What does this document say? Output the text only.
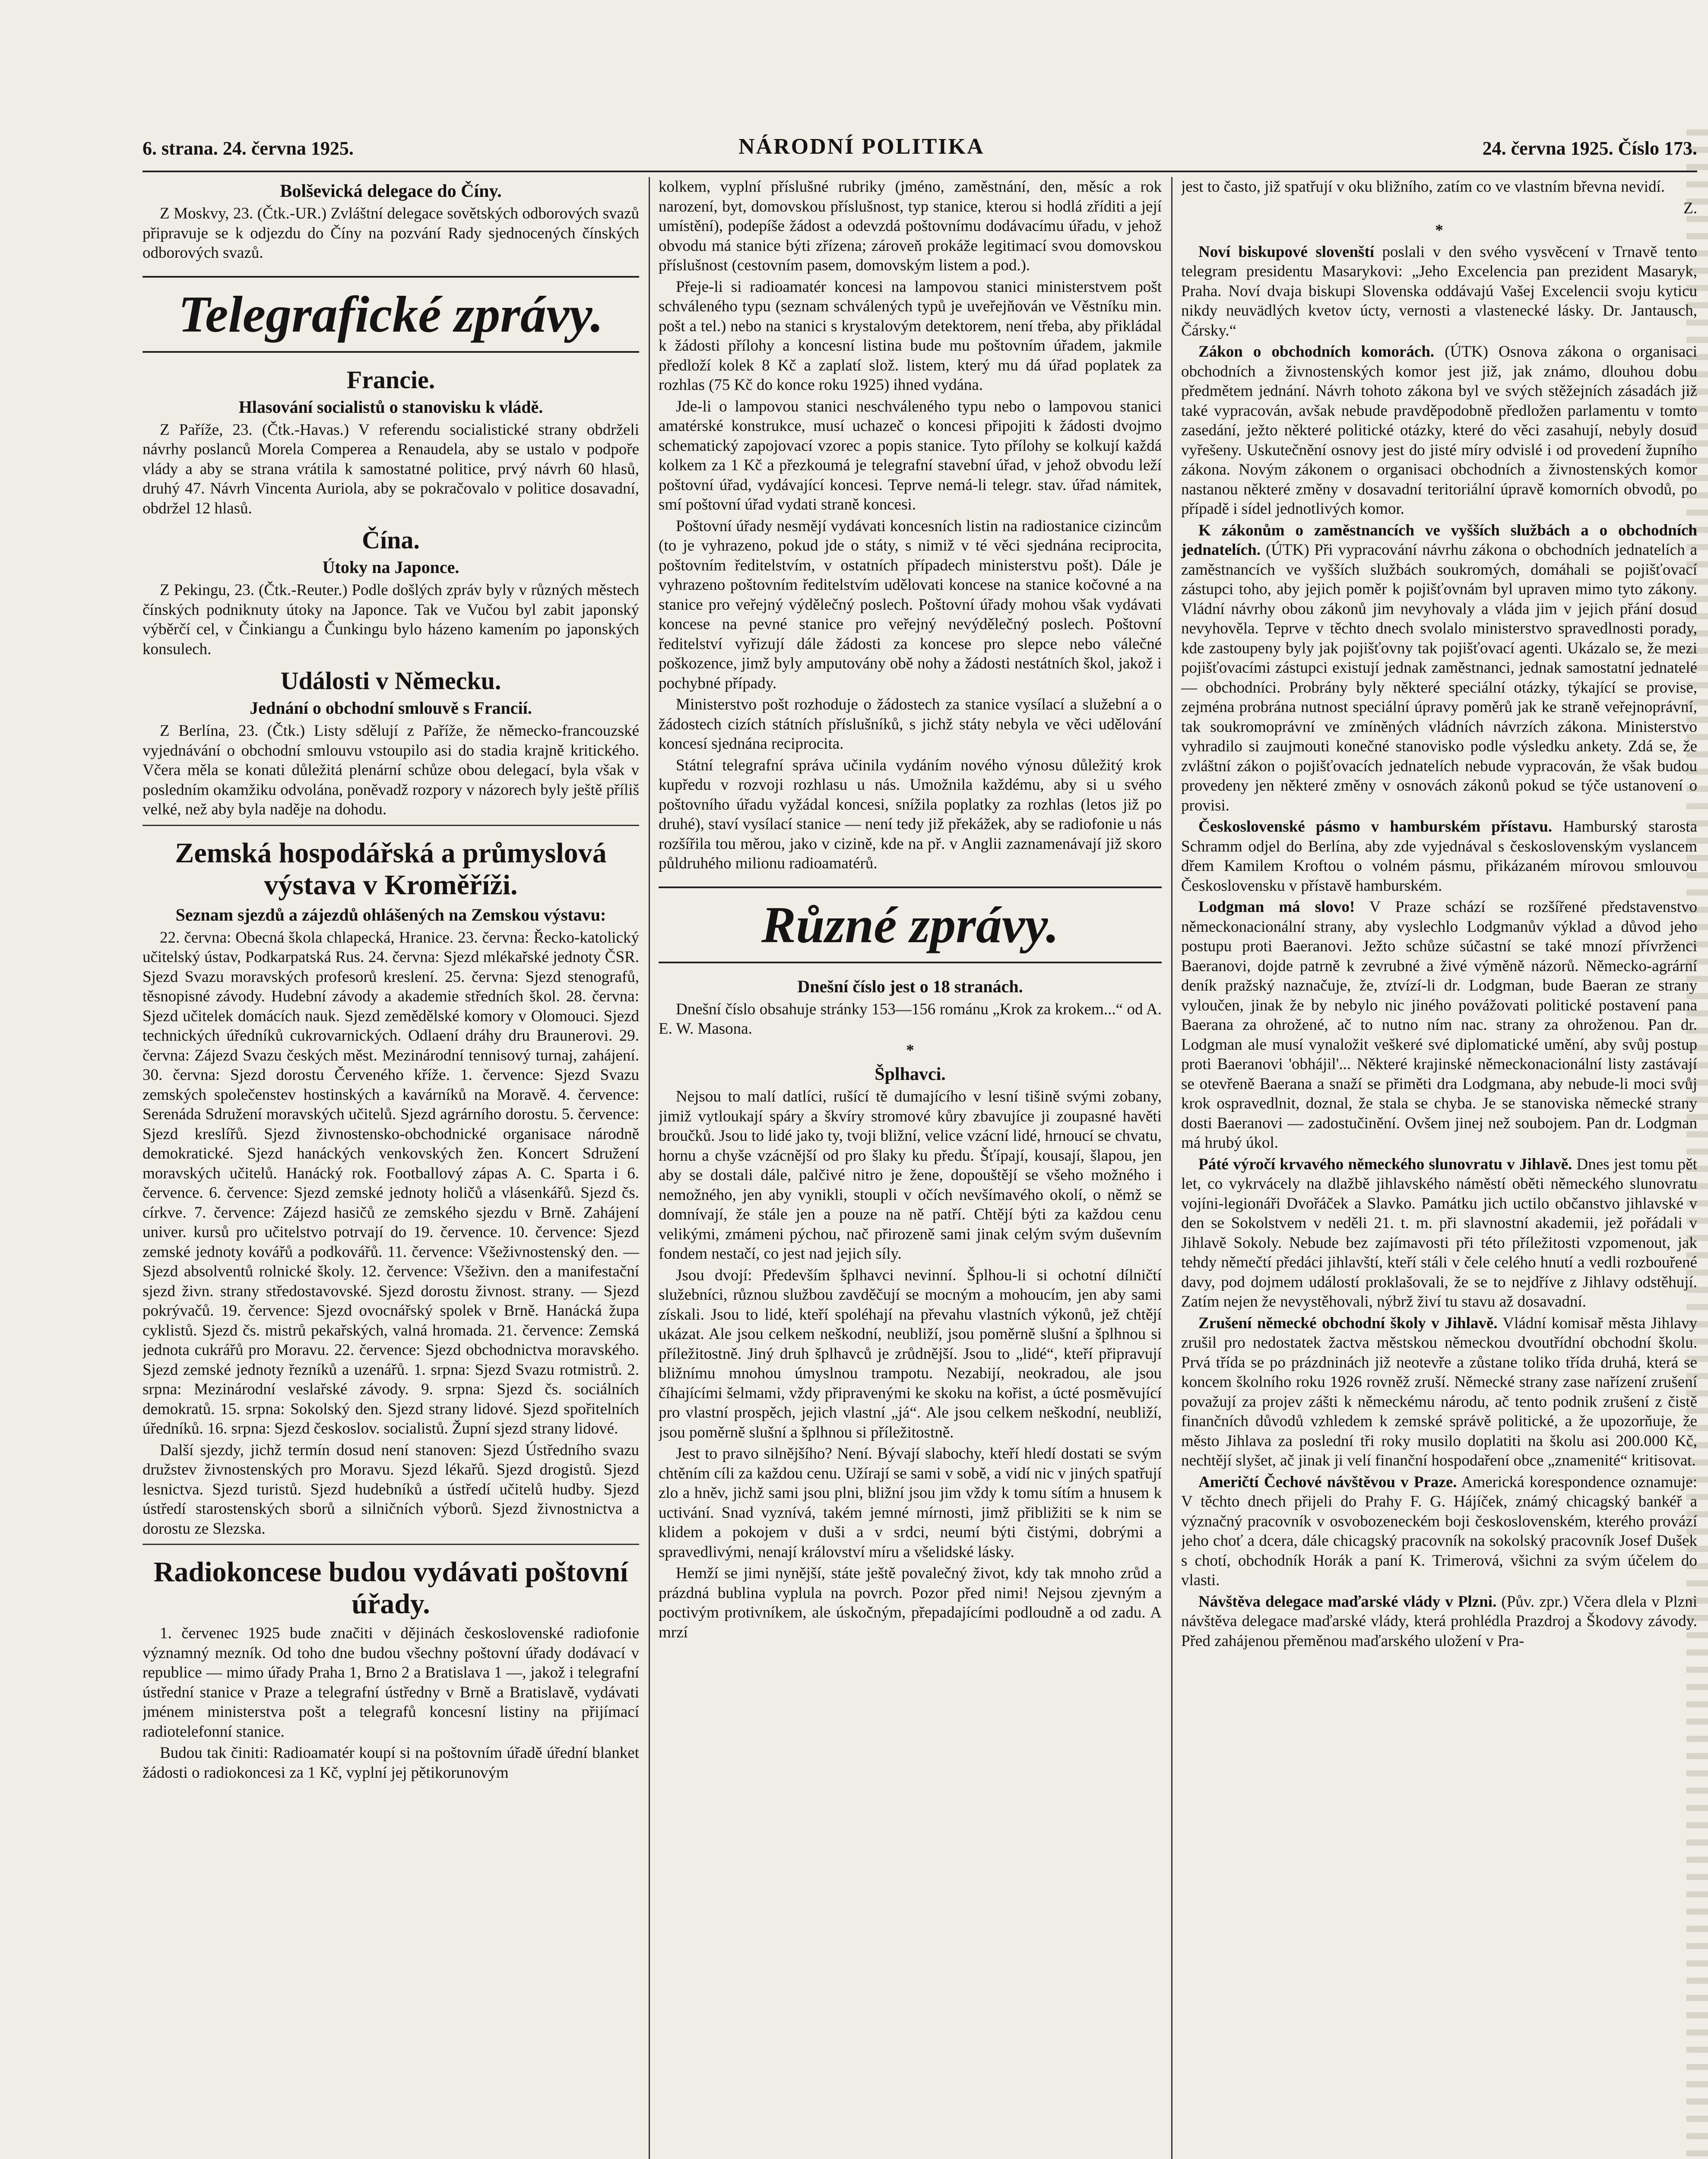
6. strana. 24. června 1925.	NÁRODNÍ POLITIKA	24. června 1925. Číslo 173.
Bolševická delegace do Číny.

Z Moskvy, 23. (Čtk.-UR.) Zvláštní delegace sovětských odborových svazů připravuje se k odjezdu do Číny na pozvání Rady sjednocených čínských odborových svazů.

Telegrafické zprávy.
Francie.
Hlasování socialistů o stanovisku k vládě.

Z Paříže, 23. (Čtk.-Havas.) V referendu socialistické strany obdrželi návrhy poslanců Morela Comperea a Renaudela, aby se ustalo v podpoře vlády a aby se strana vrátila k samostatné politice, prvý návrh 60 hlasů, druhý 47. Návrh Vincenta Auriola, aby se pokračovalo v politice dosavadní, obdržel 12 hlasů.

Čína.
Útoky na Japonce.

Z Pekingu, 23. (Čtk.-Reuter.) Podle došlých zpráv byly v různých městech čínských podniknuty útoky na Japonce. Tak ve Vučou byl zabit japonský výběrčí cel, v Činkiangu a Čunkingu bylo házeno kamením po japonských konsulech.

Události v Německu.
Jednání o obchodní smlouvě s Francií.

Z Berlína, 23. (Čtk.) Listy sdělují z Paříže, že německo-francouzské vyjednávání o obchodní smlouvu vstoupilo asi do stadia krajně kritického. Včera měla se konati důležitá plenární schůze obou delegací, byla však v posledním okamžiku odvolána, poněvadž rozpory v názorech byly ještě příliš velké, než aby byla naděje na dohodu.

Zemská hospodářská a průmyslová výstava v Kroměříži.
Seznam sjezdů a zájezdů ohlášených na Zemskou výstavu:

22. června: Obecná škola chlapecká, Hranice. 23. června: Řecko-katolický učitelský ústav, Podkarpatská Rus. 24. června: Sjezd mlékařské jednoty ČSR. Sjezd Svazu moravských profesorů kreslení. 25. června: Sjezd stenografů, těsnopisné závody. Hudební závody a akademie středních škol. 28. června: Sjezd učitelek domácích nauk. Sjezd zemědělské komory v Olomouci. Sjezd technických úředníků cukrovarnických. Odlaení dráhy dru Braunerovi. 29. června: Zájezd Svazu českých měst. Mezinárodní tennisový turnaj, zahájení. 30. června: Sjezd dorostu Červeného kříže. 1. července: Sjezd Svazu zemských společenstev hostinských a kavárníků na Moravě. 4. července: Serenáda Sdružení moravských učitelů. Sjezd agrárního dorostu. 5. července: Sjezd kreslířů. Sjezd živnostensko-obchodnické organisace národně demokratické. Sjezd hanáckých venkovských žen. Koncert Sdružení moravských učitelů. Hanácký rok. Footballový zápas A. C. Sparta i 6. července. 6. července: Sjezd zemské jednoty holičů a vlásenkářů. Sjezd čs. církve. 7. července: Zájezd hasičů ze zemského sjezdu v Brně. Zahájení univer. kursů pro učitelstvo potrvají do 19. července. 10. července: Sjezd zemské jednoty kovářů a podkovářů. 11. července: Všeživnostenský den. — Sjezd absolventů rolnické školy. 12. července: Všeživn. den a manifestační sjezd živn. strany středostavovské. Sjezd dorostu živnost. strany. — Sjezd pokrývačů. 19. července: Sjezd ovocnářský spolek v Brně. Hanácká župa cyklistů. Sjezd čs. mistrů pekařských, valná hromada. 21. července: Zemská jednota cukrářů pro Moravu. 22. července: Sjezd obchodnictva moravského. Sjezd zemské jednoty řezníků a uzenářů. 1. srpna: Sjezd Svazu rotmistrů. 2. srpna: Mezinárodní veslařské závody. 9. srpna: Sjezd čs. sociálních demokratů. 15. srpna: Sokolský den. Sjezd strany lidové. Sjezd spořitelních úředníků. 16. srpna: Sjezd českoslov. socialistů. Župní sjezd strany lidové.

Další sjezdy, jichž termín dosud není stanoven: Sjezd Ústředního svazu družstev živnostenských pro Moravu. Sjezd lékařů. Sjezd drogistů. Sjezd lesnictva. Sjezd turistů. Sjezd hudebníků a ústředí učitelů hudby. Sjezd ústředí starostenských sborů a silničních výborů. Sjezd živnostnictva a dorostu ze Slezska.

Radiokoncese budou vydávati poštovní úřady.

1. červenec 1925 bude značiti v dějinách československé radiofonie významný mezník. Od toho dne budou všechny poštovní úřady dodávací v republice — mimo úřady Praha 1, Brno 2 a Bratislava 1 —, jakož i telegrafní ústřední stanice v Praze a telegrafní ústředny v Brně a Bratislavě, vydávati jménem ministerstva pošt a telegrafů koncesní listiny na přijímací radiotelefonní stanice.

Budou tak činiti: Radioamatér koupí si na poštovním úřadě úřední blanket žádosti o radiokoncesi za 1 Kč, vyplní jej pětikorunovým

kolkem, vyplní příslušné rubriky (jméno, zaměstnání, den, měsíc a rok narození, byt, domovskou příslušnost, typ stanice, kterou si hodlá zříditi a její umístění), podepíše žádost a odevzdá poštovnímu dodávacímu úřadu, v jehož obvodu má stanice býti zřízena; zároveň prokáže legitimací svou domovskou příslušnost (cestovním pasem, domovským listem a pod.).

Přeje-li si radioamatér koncesi na lampovou stanici ministerstvem pošt schváleného typu (seznam schválených typů je uveřejňován ve Věstníku min. pošt a tel.) nebo na stanici s krystalovým detektorem, není třeba, aby přikládal k žádosti přílohy a koncesní listina bude mu poštovním úřadem, jakmile předloží kolek 8 Kč a zaplatí slož. listem, který mu dá úřad poplatek za rozhlas (75 Kč do konce roku 1925) ihned vydána.

Jde-li o lampovou stanici neschváleného typu nebo o lampovou stanici amatérské konstrukce, musí uchazeč o koncesi připojiti k žádosti dvojmo schematický zapojovací vzorec a popis stanice. Tyto přílohy se kolkují každá kolkem za 1 Kč a přezkoumá je telegrafní stavební úřad, v jehož obvodu leží poštovní úřad, vydávající koncesi. Teprve nemá-li telegr. stav. úřad námitek, smí poštovní úřad vydati straně koncesi.

Poštovní úřady nesmějí vydávati koncesních listin na radiostanice cizincům (to je vyhrazeno, pokud jde o státy, s nimiž v té věci sjednána reciprocita, poštovním ředitelstvím, v ostatních případech ministerstvu pošt). Dále je vyhrazeno poštovním ředitelstvím udělovati koncese na stanice kočovné a na stanice pro veřejný výdělečný poslech. Poštovní úřady mohou však vydávati koncese na pevné stanice pro veřejný nevýdělečný poslech. Poštovní ředitelství vyřizují dále žádosti za koncese pro slepce nebo válečné poškozence, jimž byly amputovány obě nohy a žádosti nestátních škol, jakož i pochybné případy.

Ministerstvo pošt rozhoduje o žádostech za stanice vysílací a služební a o žádostech cizích státních příslušníků, s jichž státy nebyla ve věci udělování koncesí sjednána reciprocita.

Státní telegrafní správa učinila vydáním nového výnosu důležitý krok kupředu v rozvoji rozhlasu u nás. Umožnila každému, aby si u svého poštovního úřadu vyžádal koncesi, snížila poplatky za rozhlas (letos již po druhé), staví vysílací stanice — není tedy již překážek, aby se radiofonie u nás rozšířila tou měrou, jako v cizině, kde na př. v Anglii zaznamenávají již skoro půldruhého milionu radioamatérů.

Různé zprávy.
Dnešní číslo jest o 18 stranách.

Dnešní číslo obsahuje stránky 153—156 románu „Krok za krokem...“ od A. E. W. Masona.

*
Šplhavci.

Nejsou to malí datlíci, rušící tě dumajícího v lesní tišině svými zobany, jimiž vytloukají spáry a škvíry stromové kůry zbavujíce ji zoupasné havěti broučků. Jsou to lidé jako ty, tvoji bližní, velice vzácní lidé, hrnoucí se chvatu, hornu a chyše vzácnější od pro šlaky ku předu. Šťípají, kousají, šlapou, jen aby se dostali dále, palčivé nitro je žene, dopouštějí se všeho možného i nemožného, jen aby vynikli, stoupli v očích nevšímavého okolí, o němž se domnívají, že stále jen a pouze na ně patří. Chtějí býti za každou cenu velikými, zmámeni pýchou, nač přirozeně sami jinak celým svým duševním fondem nestačí, co jest nad jejich síly.

Jsou dvojí: Především šplhavci nevinní. Šplhou-li si ochotní dílničtí služebníci, různou službou zavděčují se mocným a mohoucím, jen aby sami získali. Jsou to lidé, kteří spoléhají na převahu vlastních výkonů, jež chtějí ukázat. Ale jsou celkem neškodní, neubliží, jsou poměrně slušní a šplhnou si příležitostně. Jiný druh šplhavců je zrůdnější. Jsou to „lidé“, kteří připravují bližnímu mnohou úmyslnou trampotu. Nezabijí, neokradou, ale jsou číhajícími šelmami, vždy připravenými ke skoku na kořist, a úcté posměvující pro vlastní prospěch, jejich vlastní „já“. Ale jsou celkem neškodní, neubliží, jsou poměrně slušní a šplhnou si příležitostně.

Jest to pravo silnějšího? Není. Bývají slabochy, kteří hledí dostati se svým chtěním cíli za každou cenu. Užírají se sami v sobě, a vidí nic v jiných spatřují zlo a hněv, jichž sami jsou plni, bližní jsou jim vždy k tomu sítím a hnusem k uctivání. Snad vyznívá, takém jemné mírnosti, jimž přibližiti se k nim se klidem a pokojem v duši a v srdci, neumí býti čistými, dobrými a spravedlivými, nenají království míru a všelidské lásky.

Hemží se jimi nynější, státe ještě povalečný život, kdy tak mnoho zrůd a prázdná bublina vyplula na povrch. Pozor před nimi! Nejsou zjevným a poctivým protivníkem, ale úskočným, přepadajícími podloudně a od zadu. A mrzí

jest to často, již spatřují v oku bližního, zatím co ve vlastním břevna nevidí.

Z.
*

Noví biskupové slovenští poslali v den svého vysvěcení v Trnavě tento telegram presidentu Masarykovi: „Jeho Excelencia pan prezident Masaryk, Praha. Noví dvaja biskupi Slovenska oddávajú Vašej Excelencii svoju kyticu nikdy neuvädlých kvetov úcty, vernosti a vlastenecké lásky. Dr. Jantausch, Čársky.“

Zákon o obchodních komorách. (ÚTK) Osnova zákona o organisaci obchodních a živnostenských komor jest již, jak známo, dlouhou dobu předmětem jednání. Návrh tohoto zákona byl ve svých stěžejních zásadách již také vypracován, avšak nebude pravděpodobně předložen parlamentu v tomto zasedání, ježto některé politické otázky, které do věci zasahují, nebyly dosud vyřešeny. Uskutečnění osnovy jest do jisté míry odvislé i od provedení župního zákona. Novým zákonem o organisaci obchodních a živnostenských komor nastanou některé změny v dosavadní teritoriální úpravě komorních obvodů, po případě i sídel jednotlivých komor.

K zákonům o zaměstnancích ve vyšších službách a o obchodních jednatelích. (ÚTK) Při vypracování návrhu zákona o obchodních jednatelích a zaměstnancích ve vyšších službách soukromých, domáhali se pojišťovací zástupci toho, aby jejich poměr k pojišťovnám byl upraven mimo tyto zákony. Vládní návrhy obou zákonů jim nevyhovaly a vláda jim v jejich přání dosud nevyhověla. Teprve v těchto dnech svolalo ministerstvo spravedlnosti porady, kde zastoupeny byly jak pojišťovny tak pojišťovací agenti. Ukázalo se, že mezi pojišťovacími zástupci existují jednak zaměstnanci, jednak samostatní jednatelé — obchodníci. Probrány byly některé speciální otázky, týkající se provise, zejména probrána nutnost speciální úpravy poměrů jak ke straně veřejnoprávní, tak soukromoprávní ve zmíněných vládních návrzích zákona. Ministerstvo vyhradilo si zaujmouti konečné stanovisko podle výsledku ankety. Zdá se, že zvláštní zákon o pojišťovacích jednatelích nebude vypracován, že však budou provedeny jen některé změny v osnovách zákonů pokud se týče ustanovení o provisi.

Československé pásmo v hamburském přístavu. Hamburský starosta Schramm odjel do Berlína, aby zde vyjednával s československým vyslancem dřem Kamilem Kroftou o volném pásmu, přikázaném mírovou smlouvou Československu v přístavě hamburském.

Lodgman má slovo! V Praze schází se rozšířené představenstvo německonacionální strany, aby vyslechlo Lodgmanův výklad a důvod jeho postupu proti Baeranovi. Ježto schůze súčastní se také mnozí přívrženci Baeranovi, dojde patrně k zevrubné a živé výměně názorů. Německo-agrární deník pražský naznačuje, že, ztvízí-li dr. Lodgman, bude Baeran ze strany vyloučen, jinak že by nebylo nic jiného povážovati politické postavení pana Baerana za ohrožené, ač to nutno ním nac. strany za ohroženou. Pan dr. Lodgman ale musí vynaložit veškeré své diplomatické umění, aby svůj postup proti Baeranovi 'obhájil'... Některé krajinské německonacionální listy zastávají se otevřeně Baerana a snaží se přiměti dra Lodgmana, aby nebude-li moci svůj krok ospravedlnit, doznal, že stala se chyba. Je se stanoviska německé strany dosti Baeranovi — zadostučinění. Ovšem jinej než soubojem. Pan dr. Lodgman má hrubý úkol.

Páté výročí krvavého německého slunovratu v Jihlavě. Dnes jest tomu pět let, co vykrvácely na dlažbě jihlavského náměstí oběti německého slunovratu vojíni-legionáři Dvořáček a Slavko. Památku jich uctilo občanstvo jihlavské v den se Sokolstvem v neděli 21. t. m. při slavnostní akademii, jež pořádali v Jihlavě Sokoly. Nebude bez zajímavosti při této příležitosti vzpomenout, jak tehdy němečtí předáci jihlavští, kteří stáli v čele celého hnutí a vedli rozbouřené davy, pod dojmem událostí proklašovali, že se to nejdříve z Jihlavy odstěhují. Zatím nejen že nevystěhovali, nýbrž živí tu stavu až dosavadní.

Zrušení německé obchodní školy v Jihlavě. Vládní komisař města Jihlavy zrušil pro nedostatek žactva městskou německou dvoutřídní obchodní školu. Prvá třída se po prázdninách již neotevře a zůstane toliko třída druhá, která se koncem školního roku 1926 rovněž zruší. Německé strany zase nařízení zrušení považují za projev zášti k německému národu, ač tento podnik zrušení z čistě finančních důvodů vzhledem k zemské správě politické, a že upozorňuje, že město Jihlava za poslední tři roky musilo doplatiti na školu asi 200.000 Kč, nechtějí slyšet, ač jinak ji velí finanční hospodaření obce „znamenité“ kritisovat.

Američtí Čechové návštěvou v Praze. Americká korespondence oznamuje: V těchto dnech přijeli do Prahy F. G. Hájíček, známý chicagský bankéř a význačný pracovník v osvobozeneckém boji československém, kterého provází jeho choť a dcera, dále chicagský pracovník na sokolský pracovník Josef Dušek s chotí, obchodník Horák a paní K. Trimerová, všichni za svým účelem do vlasti.

Návštěva delegace maďarské vlády v Plzni. (Pův. zpr.) Včera dlela v Plzni návštěva delegace maďarské vlády, která prohlédla Prazdroj a Škodovy závody. Před zahájenou přeměnou maďarského uložení v Pra-
